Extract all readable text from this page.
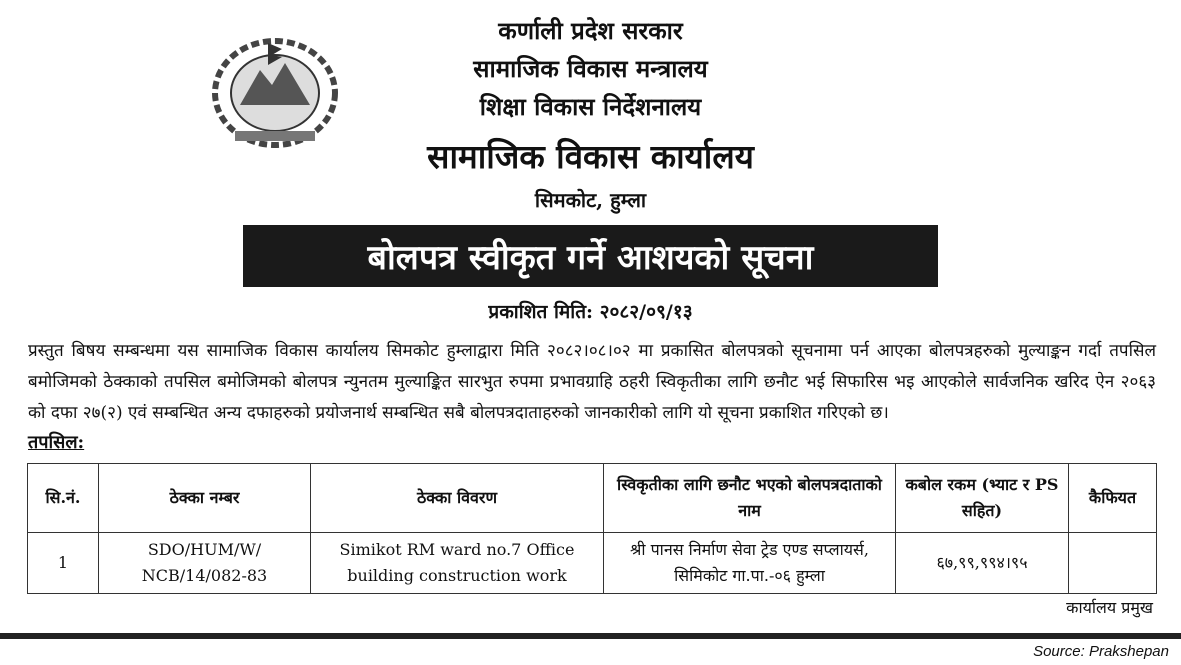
कर्णाली प्रदेश सरकार
सामाजिक विकास मन्त्रालय
शिक्षा विकास निर्देशनालय
सामाजिक विकास कार्यालय
सिमकोट, हुम्ला
बोलपत्र स्वीकृत गर्ने आशयको सूचना
प्रकाशित मिति: २०८२/०९/१३
प्रस्तुत बिषय सम्बन्धमा यस सामाजिक विकास कार्यालय सिमकोट हुम्लाद्वारा मिति २०८२।०८।०२ मा प्रकासित बोलपत्रको सूचनामा पर्न आएका बोलपत्रहरुको मुल्याङ्कन गर्दा तपसिल बमोजिमको ठेक्काको तपसिल बमोजिमको बोलपत्र न्युनतम मुल्याङ्कित सारभुत रुपमा प्रभावग्राहि ठहरी स्विकृतीका लागि छनौट भई सिफारिस भइ आएकोले सार्वजनिक खरिद ऐन २०६३ को दफा २७(२) एवं सम्बन्धित अन्य दफाहरुको प्रयोजनार्थ सम्बन्धित सबै बोलपत्रदाताहरुको जानकारीको लागि यो सूचना प्रकाशित गरिएको छ।
तपसिल:
सि.नं.	ठेक्का नम्बर	ठेक्का विवरण	स्विकृतीका लागि छनौट भएको बोलपत्रदाताको नाम	कबोल रकम (भ्याट र PS सहित)	कैफियत
1	SDO/HUM/W/ NCB/14/082-83	Simikot RM ward no.7 Office building construction work	श्री पानस निर्माण सेवा ट्रेड एण्ड सप्लायर्स, सिमिकोट गा.पा.-०६ हुम्ला	६७,९९,९९४।९५	
कार्यालय प्रमुख
Source: Prakshepan
